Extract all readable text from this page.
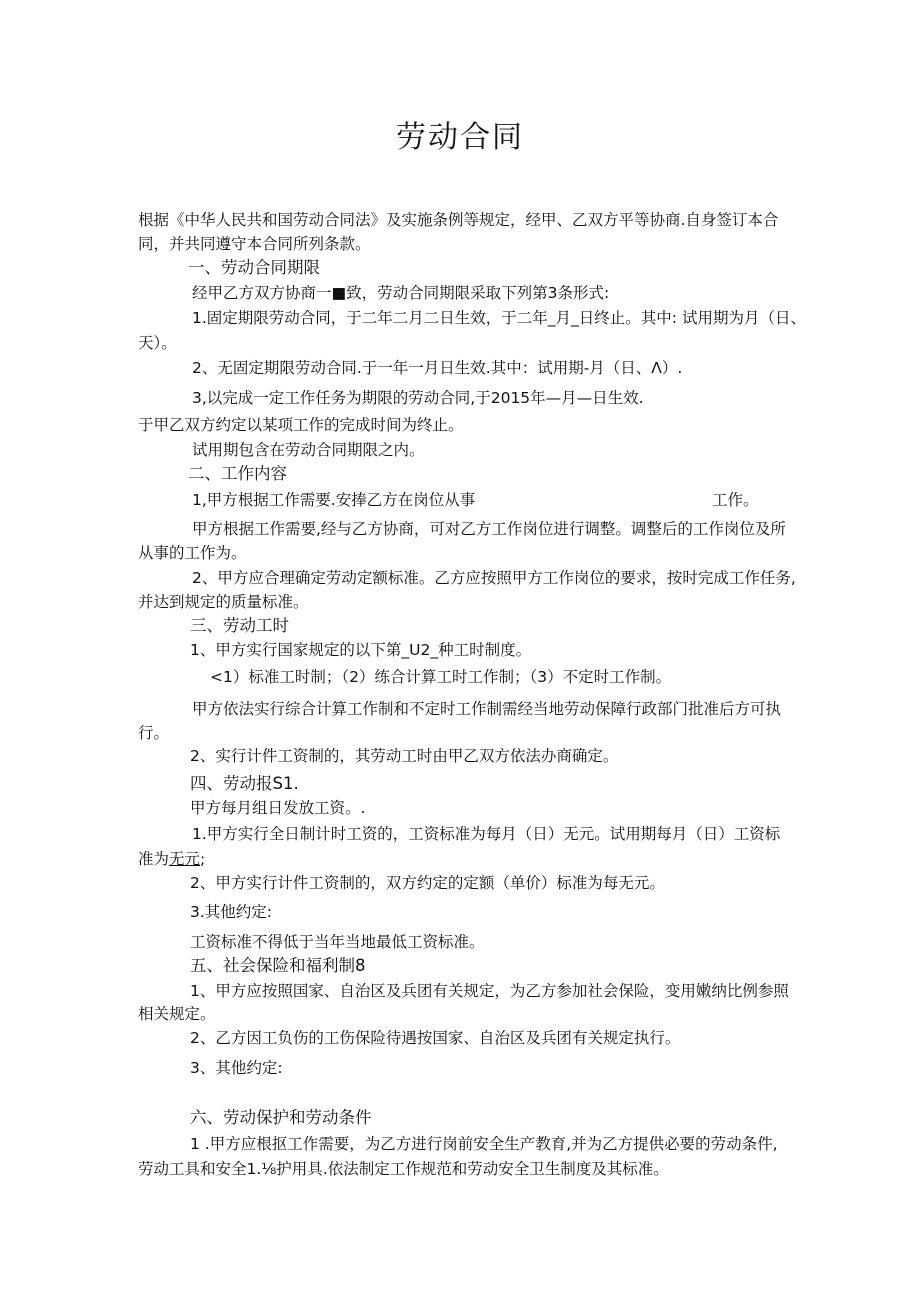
劳动合同
根据《中华人民共和国劳动合同法》及实施条例等规定，经甲、乙双方平等协商.自身签订本合
同，并共同遵守本合同所列条款。
一、劳动合同期限
经甲乙方双方协商一■致，劳动合同期限采取下列第3条形式:
1.固定期限劳动合同，于二年二月二日生效，于二年_月_日终止。其中: 试用期为月（日、
天）。
2、无固定期限劳动合同.于一年一月日生效.其中：试用期-月（日、Λ）.
3,以完成一定工作任务为期限的劳动合同,于2015年—月—日生效.
于甲乙双方约定以某项工作的完成时间为终止。
试用期包含在劳动合同期限之内。
二、工作内容
1,甲方根据工作需要.安捧乙方在岗位从事	工作。
甲方根据工作需要,经与乙方协商，可对乙方工作岗位进行调整。调整后的工作岗位及所
从事的工作为。
2、甲方应合理确定劳动定额标准。乙方应按照甲方工作岗位的要求，按时完成工作任务,
并达到规定的质量标准。
三、劳动工时
1、甲方实行国家规定的以下第_U2_种工时制度。
<1）标准工时制；（2）练合计算工时工作制；（3）不定时工作制。
甲方依法实行综合计算工作制和不定时工作制需经当地劳动保障行政部门批准后方可执
行。
2、实行计件工资制的，其劳动工时由甲乙双方依法办商确定。
四、劳动报S1.
甲方每月组日发放工资。.
1.甲方实行全日制计时工资的，工资标准为每月（日）无元。试用期每月（日）工资标
准为无元;
2、甲方实行计件工资制的，双方约定的定额（单价）标准为每无元。
3.其他约定:
工资标准不得低于当年当地最低工资标准。
五、社会保险和福利制8
1、甲方应按照国家、自治区及兵团有关规定，为乙方参加社会保险，变用嫩纳比例参照
相关规定。
2、乙方因工负伤的工伤保险待遇按国家、自治区及兵团有关规定执行。
3、其他约定:
六、劳动保护和劳动条件
1 .甲方应根抠工作需要，为乙方进行岗前安全生产教育,并为乙方提供必要的劳动条件,
劳动工具和安全1.⅛护用具.依法制定工作规范和劳动安全卫生制度及其标准。
